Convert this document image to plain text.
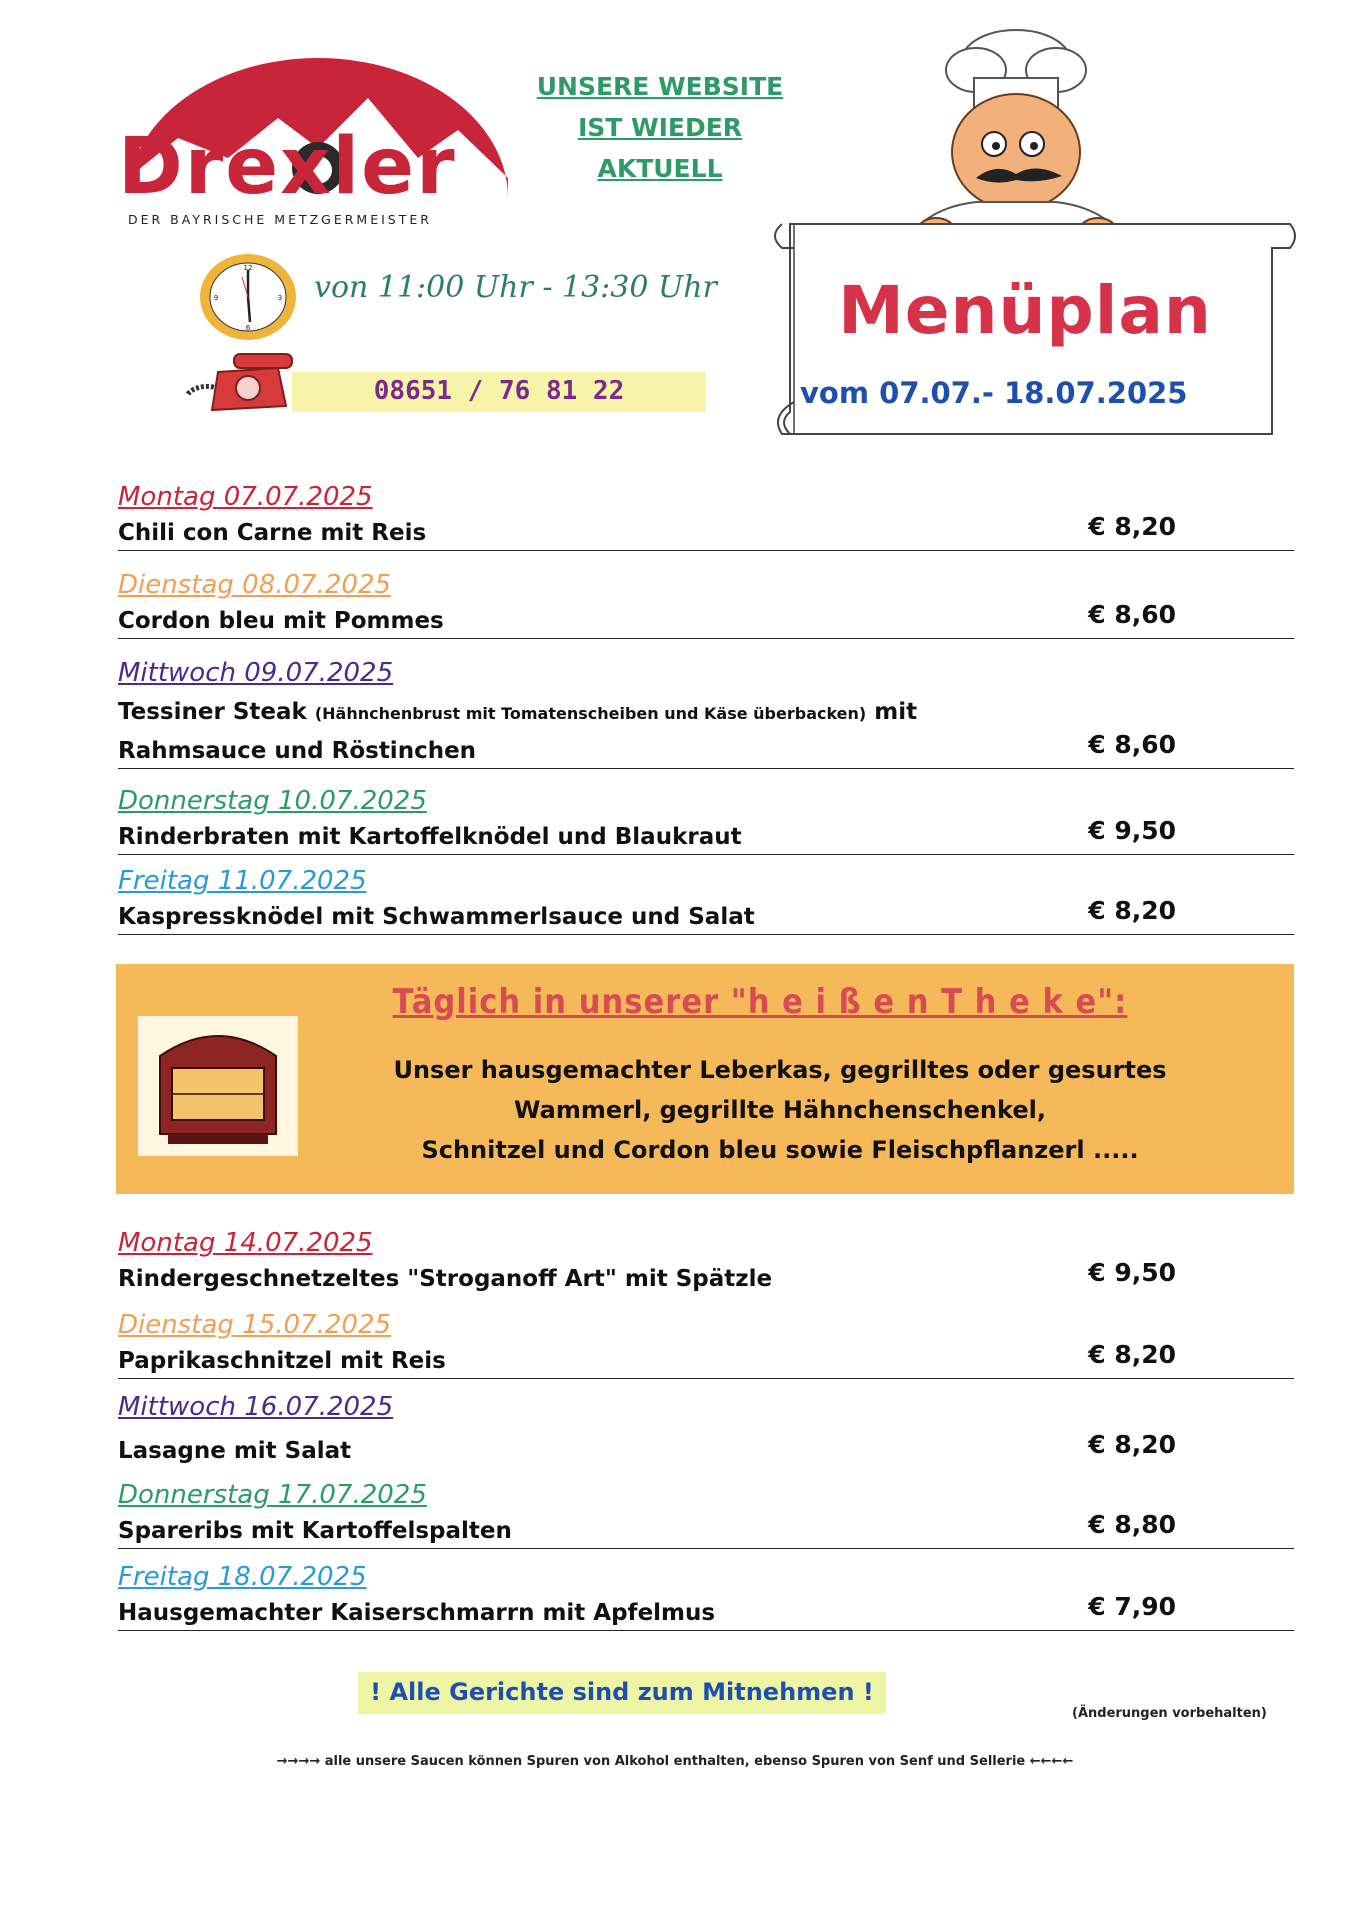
Drexler
DER BAYRISCHE METZGERMEISTER
UNSERE WEBSITE
IST WIEDER
AKTUELL
12
3
6
9	von 11:00 Uhr - 13:30 Uhr
08651 / 76 81 22
Menüplan
vom 07.07.- 18.07.2025
Montag 07.07.2025
Chili con Carne mit Reis	€ 8,20
Dienstag 08.07.2025
Cordon bleu mit Pommes	€ 8,60
Mittwoch 09.07.2025
Tessiner Steak (Hähnchenbrust mit Tomatenscheiben und Käse überbacken) mit
Rahmsauce und Röstinchen	€ 8,60
Donnerstag 10.07.2025
Rinderbraten mit Kartoffelknödel und Blaukraut	€ 9,50
Freitag 11.07.2025
Kaspressknödel mit Schwammerlsauce und Salat	€ 8,20
Täglich in unserer "h e i ß e n T h e k e":
Unser hausgemachter Leberkas, gegrilltes oder gesurtes
Wammerl, gegrillte Hähnchenschenkel,
Schnitzel und Cordon bleu sowie Fleischpflanzerl .....
Montag 14.07.2025
Rindergeschnetzeltes "Stroganoff Art" mit Spätzle	€ 9,50
Dienstag 15.07.2025
Paprikaschnitzel mit Reis	€ 8,20
Mittwoch 16.07.2025
Lasagne mit Salat	€ 8,20
Donnerstag 17.07.2025
Spareribs mit Kartoffelspalten	€ 8,80
Freitag 18.07.2025
Hausgemachter Kaiserschmarrn mit Apfelmus	€ 7,90
! Alle Gerichte sind zum Mitnehmen !
(Änderungen vorbehalten)
→→→→ alle unsere Saucen können Spuren von Alkohol enthalten, ebenso Spuren von Senf und Sellerie ←←←←
